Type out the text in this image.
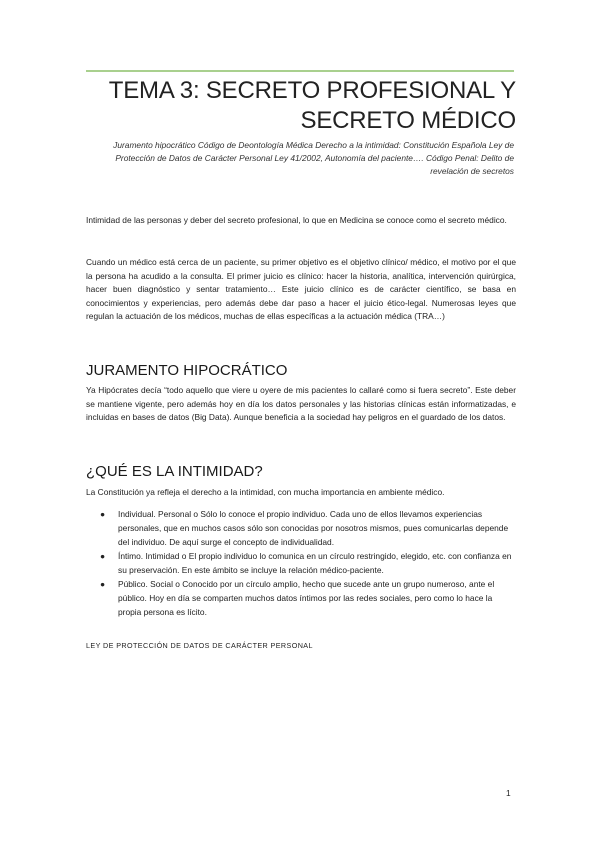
TEMA 3: SECRETO PROFESIONAL Y
SECRETO MÉDICO

Juramento hipocrático Código de Deontología Médica Derecho a la intimidad: Constitución Española Ley de Protección de Datos de Carácter Personal Ley 41/2002, Autonomía del paciente…. Código Penal: Delito de revelación de secretos

Intimidad de las personas y deber del secreto profesional, lo que en Medicina se conoce como el secreto médico.

Cuando un médico está cerca de un paciente, su primer objetivo es el objetivo clínico/ médico, el motivo por el que la persona ha acudido a la consulta. El primer juicio es clínico: hacer la historia, analítica, intervención quirúrgica, hacer buen diagnóstico y sentar tratamiento… Este juicio clínico es de carácter científico, se basa en conocimientos y experiencias, pero además debe dar paso a hacer el juicio ético-legal. Numerosas leyes que regulan la actuación de los médicos, muchas de ellas específicas a la actuación médica (TRA…)

JURAMENTO HIPOCRÁTICO

Ya Hipócrates decía “todo aquello que viere u oyere de mis pacientes lo callaré como si fuera secreto”. Este deber se mantiene vigente, pero además hoy en día los datos personales y las historias clínicas están informatizadas, e incluidas en bases de datos (Big Data). Aunque beneficia a la sociedad hay peligros en el guardado de los datos.

¿QUÉ ES LA INTIMIDAD?

La Constitución ya refleja el derecho a la intimidad, con mucha importancia en ambiente médico.

● Individual. Personal o Sólo lo conoce el propio individuo. Cada uno de ellos llevamos experiencias personales, que en muchos casos sólo son conocidas por nosotros mismos, pues comunicarlas depende del individuo. De aquí surge el concepto de individualidad.
● Íntimo. Intimidad o El propio individuo lo comunica en un círculo restringido, elegido, etc. con confianza en su preservación. En este ámbito se incluye la relación médico-paciente.
● Público. Social o Conocido por un círculo amplio, hecho que sucede ante un grupo numeroso, ante el público. Hoy en día se comparten muchos datos íntimos por las redes sociales, pero como lo hace la propia persona es lícito.

LEY DE PROTECCIÓN DE DATOS DE CARÁCTER PERSONAL

1
